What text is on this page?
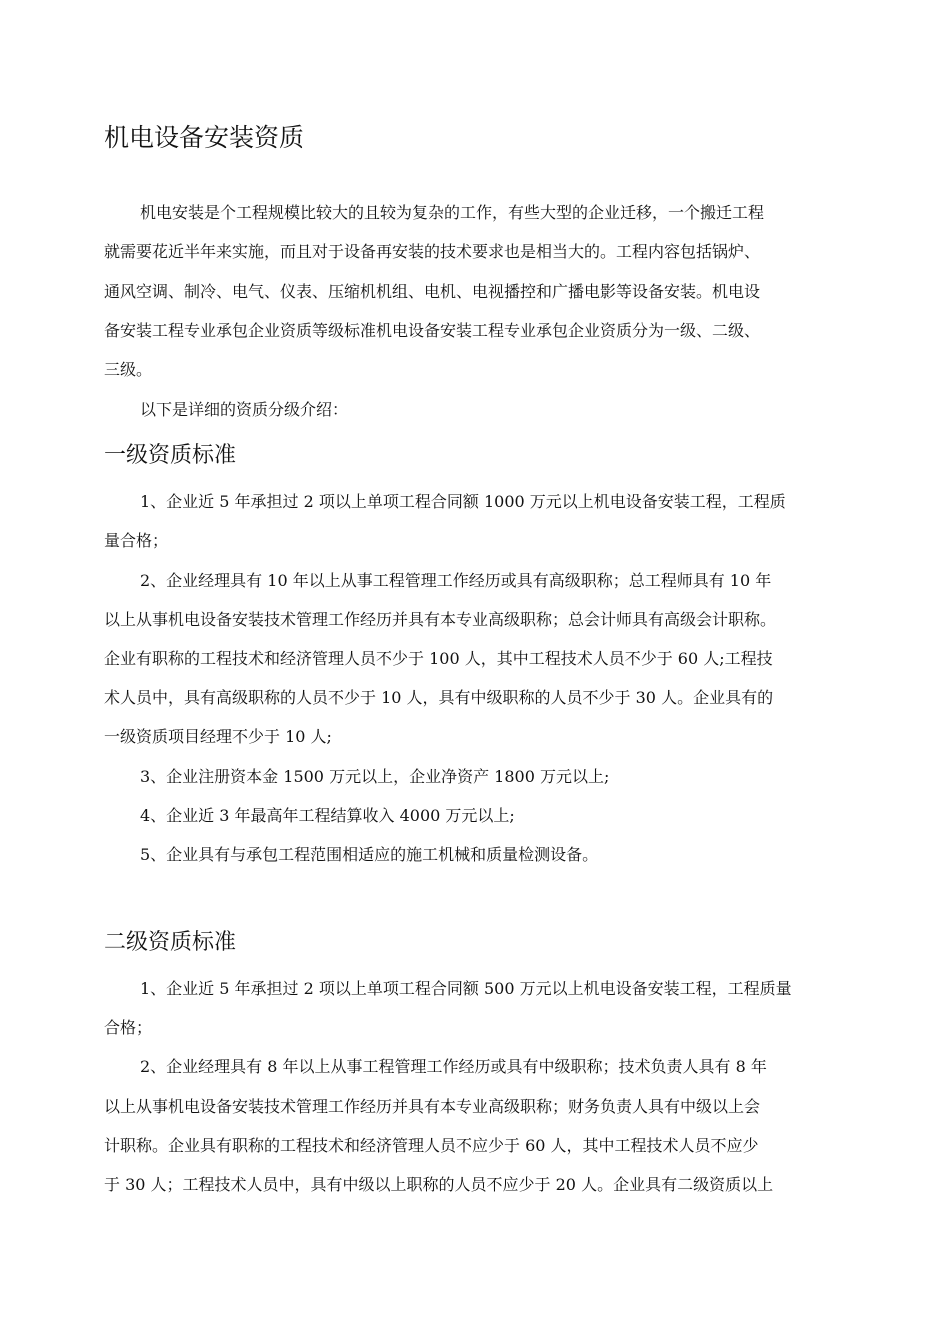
机电设备安装资质
机电安装是个工程规模比较大的且较为复杂的工作，有些大型的企业迁移，一个搬迁工程
就需要花近半年来实施，而且对于设备再安装的技术要求也是相当大的。工程内容包括锅炉、
通风空调、制冷、电气、仪表、压缩机机组、电机、电视播控和广播电影等设备安装。机电设
备安装工程专业承包企业资质等级标准机电设备安装工程专业承包企业资质分为一级、二级、
三级。
以下是详细的资质分级介绍：
一级资质标准
1、企业近 5 年承担过 2 项以上单项工程合同额 1000 万元以上机电设备安装工程，工程质
量合格；
2、企业经理具有 10 年以上从事工程管理工作经历或具有高级职称；总工程师具有 10 年
以上从事机电设备安装技术管理工作经历并具有本专业高级职称；总会计师具有高级会计职称。
企业有职称的工程技术和经济管理人员不少于 100 人，其中工程技术人员不少于 60 人;工程技
术人员中，具有高级职称的人员不少于 10 人，具有中级职称的人员不少于 30 人。企业具有的
一级资质项目经理不少于 10 人;
3、企业注册资本金 1500 万元以上，企业净资产 1800 万元以上;
4、企业近 3 年最高年工程结算收入 4000 万元以上;
5、企业具有与承包工程范围相适应的施工机械和质量检测设备。
二级资质标准
1、企业近 5 年承担过 2 项以上单项工程合同额 500 万元以上机电设备安装工程，工程质量
合格；
2、企业经理具有 8 年以上从事工程管理工作经历或具有中级职称；技术负责人具有 8 年
以上从事机电设备安装技术管理工作经历并具有本专业高级职称；财务负责人具有中级以上会
计职称。企业具有职称的工程技术和经济管理人员不应少于 60 人，其中工程技术人员不应少
于 30 人；工程技术人员中，具有中级以上职称的人员不应少于 20 人。企业具有二级资质以上
